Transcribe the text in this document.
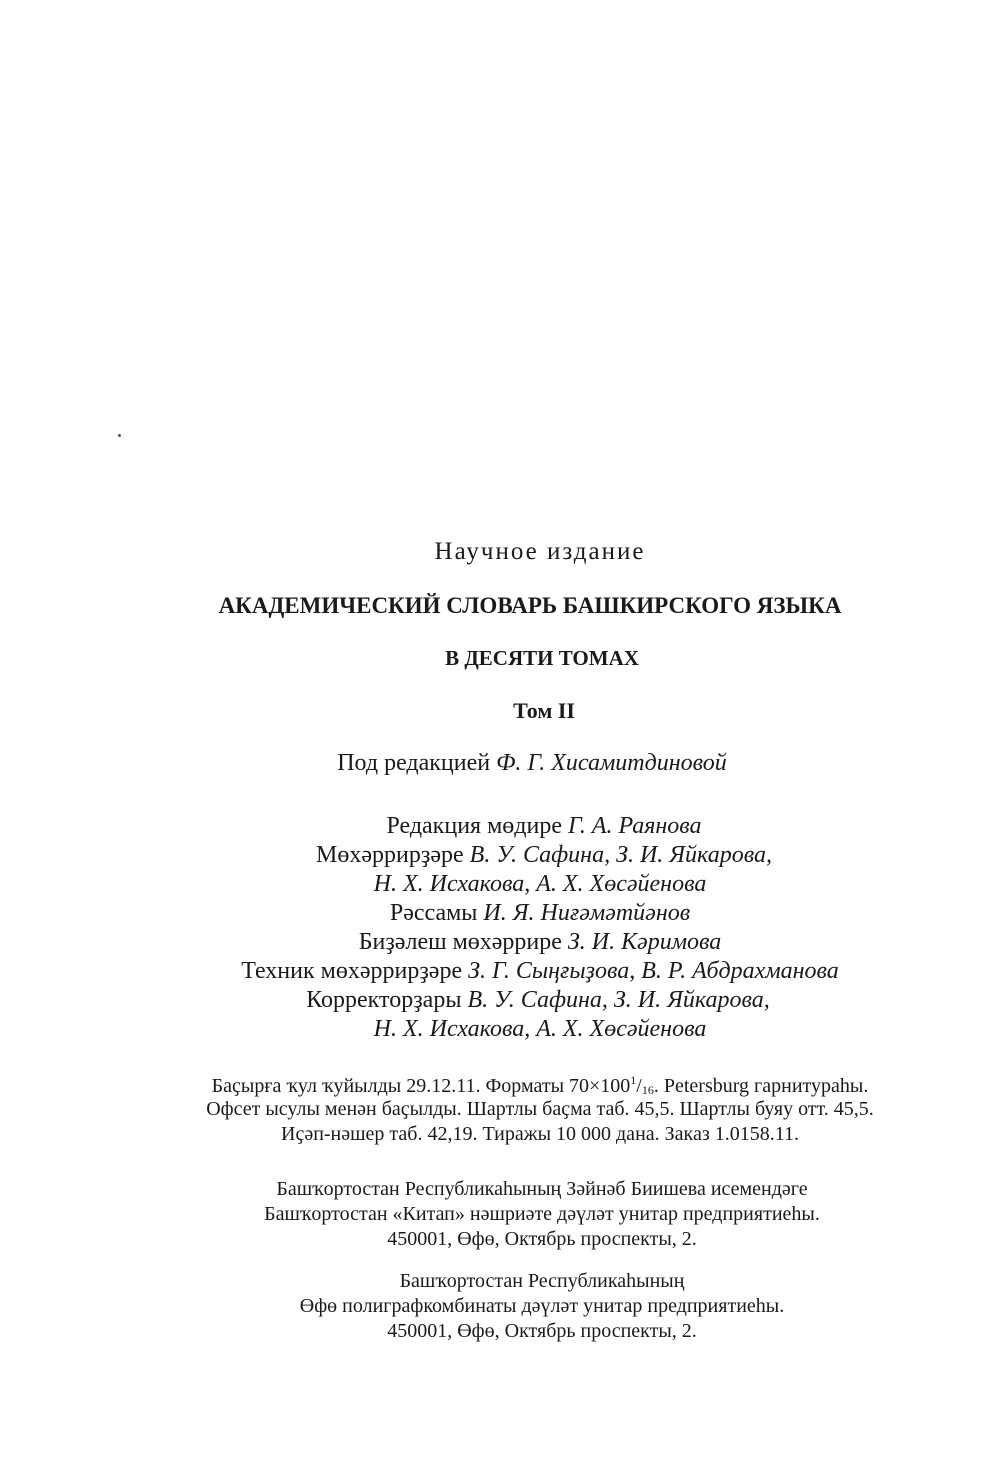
Научное издание
АКАДЕМИЧЕСКИЙ СЛОВАРЬ БАШКИРСКОГО ЯЗЫКА
В ДЕСЯТИ ТОМАХ
Том II
Под редакцией Ф. Г. Хисамитдиновой
Редакция мөдире Г. А. Раянова
Мөхәррирҙәре В. У. Сафина, З. И. Яйкарова,
Н. Х. Исхакова, А. Х. Хөсәйенова
Рәссамы И. Я. Ниғәмәтйәнов
Биҙәлеш мөхәррире З. И. Кәримова
Техник мөхәррирҙәре З. Г. Сыңғыҙова, В. Р. Абдрахманова
Корректорҙары В. У. Сафина, З. И. Яйкарова,
Н. Х. Исхакова, А. Х. Хөсәйенова
Баҫырға ҡул ҡуйылды 29.12.11. Форматы $70\times 100^1/_{16}$. Petersburg гарнитураһы.
Офсет ысулы менән баҫылды. Шартлы баҫма таб. 45,5. Шартлы буяу отт. 45,5.
Иҫәп-нәшер таб. 42,19. Тиражы 10 000 дана. Заказ 1.0158.11.
Башҡортостан Республикаһының Зәйнәб Биишева исемендәге
Башҡортостан «Китап» нәшриәте дәүләт унитар предприятиеһы.
450001, Өфө, Октябрь проспекты, 2.
Башҡортостан Республикаһының
Өфө полиграфкомбинаты дәүләт унитар предприятиеһы.
450001, Өфө, Октябрь проспекты, 2.
